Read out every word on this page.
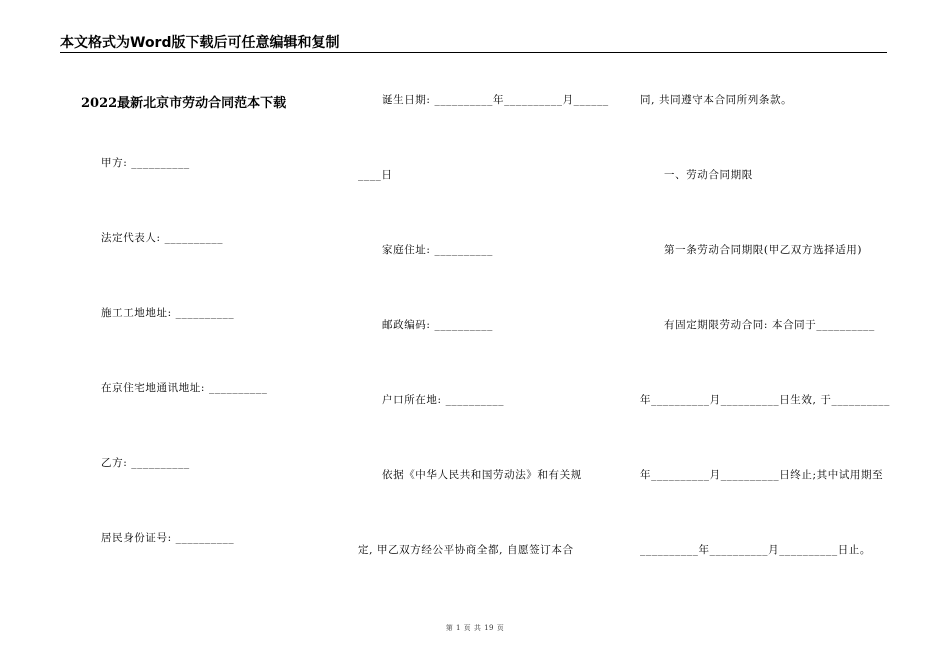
本文格式为Word版下载后可任意编辑和复制
2022最新北京市劳动合同范本下载
甲方: __________
法定代表人: __________
施工工地地址: __________
在京住宅地通讯地址: __________
乙方: __________
居民身份证号: __________
诞生日期: __________年__________月______
____日
家庭住址: __________
邮政编码: __________
户口所在地: __________
依据《中华人民共和国劳动法》和有关规
定, 甲乙双方经公平协商全都, 自愿签订本合
同, 共同遵守本合同所列条款。
一、劳动合同期限
第一条劳动合同期限(甲乙双方选择适用)
有固定期限劳动合同: 本合同于__________
年__________月__________日生效, 于__________
年__________月__________日终止;其中试用期至
__________年__________月__________日止。
第 1 页 共 19 页
